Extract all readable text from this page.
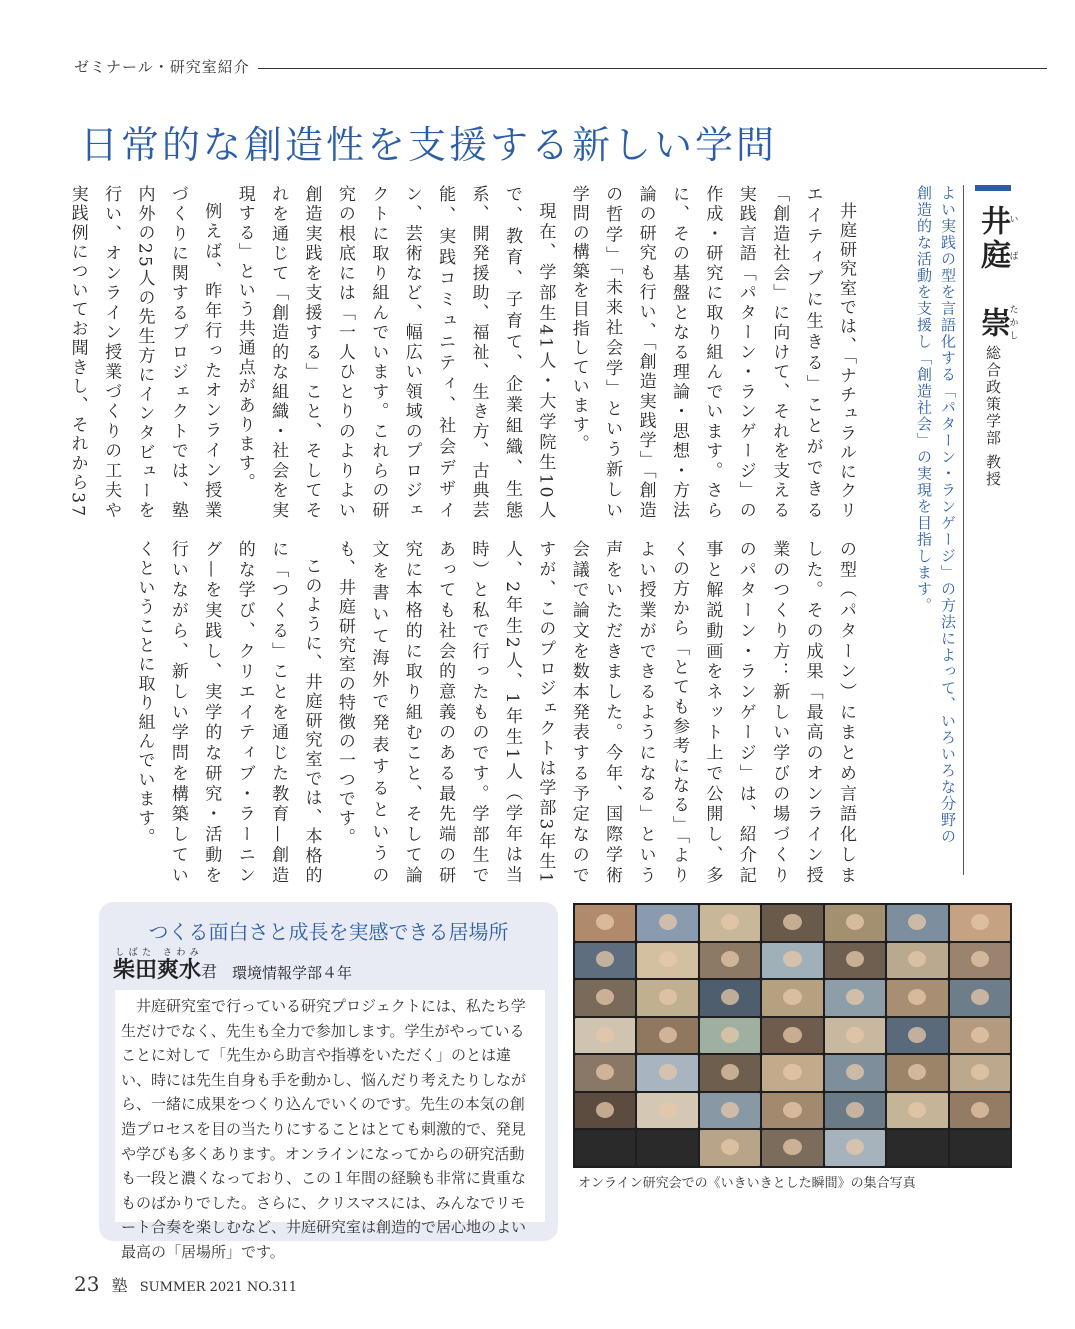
ゼミナール・研究室紹介
日常的な創造性を支援する新しい学問
井庭いば　崇たかし
総合政策学部 教授
よい実践の型を言語化する「パターン・ランゲージ」の方法によって、いろいろな分野の創造的な活動を支援し「創造社会」の実現を目指します。

井庭研究室では、「ナチュラルにクリエイティブに生きる」ことができる「創造社会」に向けて、それを支える実践言語「パターン・ランゲージ」の作成・研究に取り組んでいます。さらに、その基盤となる理論・思想・方法論の研究も行い、「創造実践学」「創造の哲学」「未来社会学」という新しい学問の構築を目指しています。

現在、学部生41人・大学院生10人で、教育、子育て、企業組織、生態系、開発援助、福祉、生き方、古典芸能、実践コミュニティ、社会デザイン、芸術など、幅広い領域のプロジェクトに取り組んでいます。これらの研究の根底には「一人ひとりのよりよい創造実践を支援する」こと、そしてそれを通じて「創造的な組織・社会を実現する」という共通点があります。

例えば、昨年行ったオンライン授業づくりに関するプロジェクトでは、塾内外の25人の先生方にインタビューを行い、オンライン授業づくりの工夫や実践例についてお聞きし、それから37

の型（パターン）にまとめ言語化しました。その成果「最高のオンライン授業のつくり方：新しい学びの場づくりのパターン・ランゲージ」は、紹介記事と解説動画をネット上で公開し、多くの方から「とても参考になる」「よりよい授業ができるようになる」という声をいただきました。今年、国際学術会議で論文を数本発表する予定なのですが、このプロジェクトは学部3年生1人、2年生2人、1年生1人（学年は当時）と私で行ったものです。学部生であっても社会的意義のある最先端の研究に本格的に取り組むこと、そして論文を書いて海外で発表するというのも、井庭研究室の特徴の一つです。

このように、井庭研究室では、本格的に「つくる」ことを通じた教育—創造的な学び、クリエイティブ・ラーニング—を実践し、実学的な研究・活動を行いながら、新しい学問を構築していくということに取り組んでいます。

つくる面白さと成長を実感できる居場所
柴田爽水しばた さわみ君 環境情報学部４年
井庭研究室で行っている研究プロジェクトには、私たち学生だけでなく、先生も全力で参加します。学生がやっていることに対して「先生から助言や指導をいただく」のとは違い、時には先生自身も手を動かし、悩んだり考えたりしながら、一緒に成果をつくり込んでいくのです。先生の本気の創造プロセスを目の当たりにすることはとても刺激的で、発見や学びも多くあります。オンラインになってからの研究活動も一段と濃くなっており、この１年間の経験も非常に貴重なものばかりでした。さらに、クリスマスには、みんなでリモート合奏を楽しむなど、井庭研究室は創造的で居心地のよい最高の「居場所」です。
オンライン研究会での《いきいきとした瞬間》の集合写真
23 塾 SUMMER 2021 NO.311
